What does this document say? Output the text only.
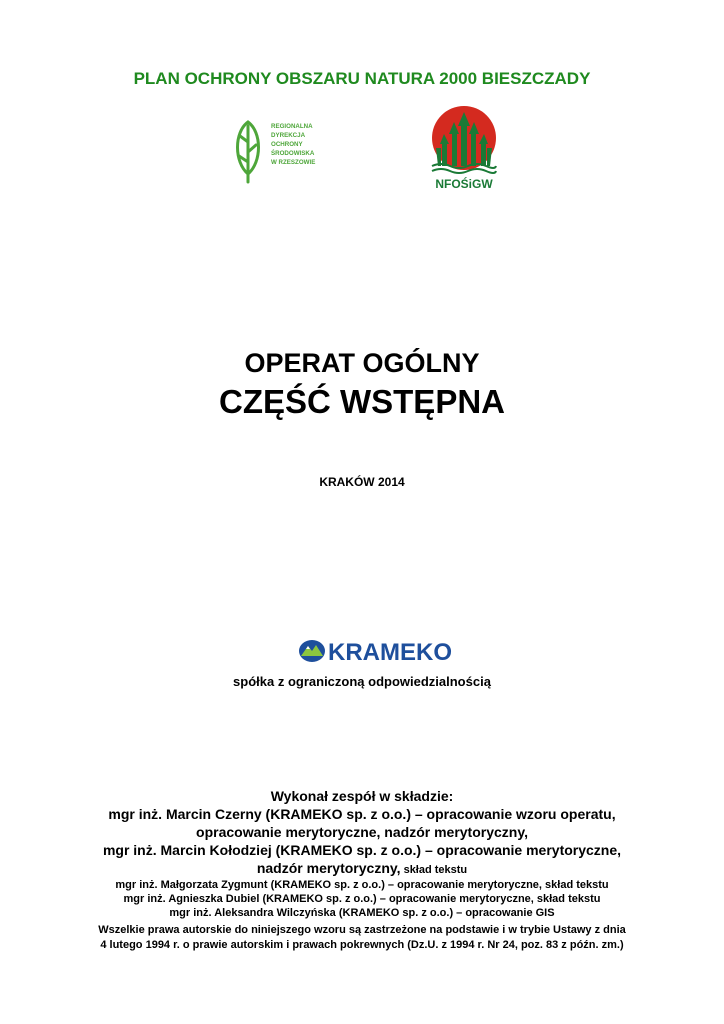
PLAN OCHRONY OBSZARU NATURA 2000 BIESZCZADY
REGIONALNA
DYREKCJA
OCHRONY
ŚRODOWISKA
W RZESZOWIE
NFOŚiGW
OPERAT OGÓLNY
CZĘŚĆ WSTĘPNA
KRAKÓW 2014
KRAMEKO
spółka z ograniczoną odpowiedzialnością
Wykonał zespół w składzie:
mgr inż. Marcin Czerny (KRAMEKO sp. z o.o.) – opracowanie wzoru operatu,
opracowanie merytoryczne, nadzór merytoryczny,
mgr inż. Marcin Kołodziej (KRAMEKO sp. z o.o.) – opracowanie merytoryczne,
nadzór merytoryczny, skład tekstu
mgr inż. Małgorzata Zygmunt (KRAMEKO sp. z o.o.) – opracowanie merytoryczne, skład tekstu
mgr inż. Agnieszka Dubiel (KRAMEKO sp. z o.o.) – opracowanie merytoryczne, skład tekstu
mgr inż. Aleksandra Wilczyńska (KRAMEKO sp. z o.o.) – opracowanie GIS
Wszelkie prawa autorskie do niniejszego wzoru są zastrzeżone na podstawie i w trybie Ustawy z dnia
4 lutego 1994 r. o prawie autorskim i prawach pokrewnych (Dz.U. z 1994 r. Nr 24, poz. 83 z późn. zm.)
